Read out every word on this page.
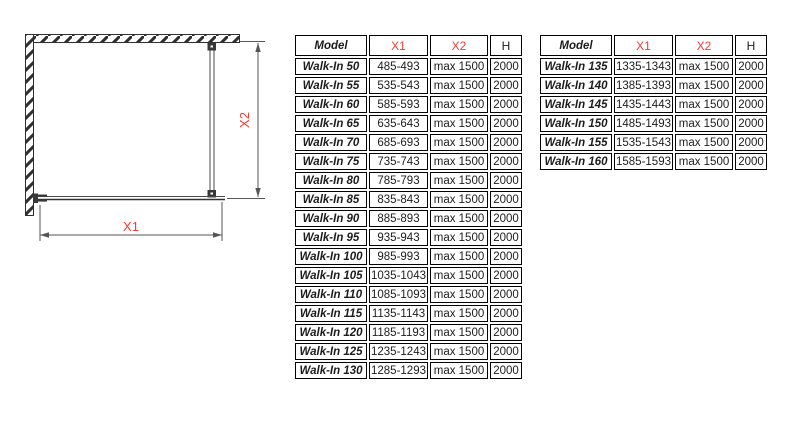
X1
X2
Model	X1	X2	H
Walk-In 50	485-493	max 1500	2000
Walk-In 55	535-543	max 1500	2000
Walk-In 60	585-593	max 1500	2000
Walk-In 65	635-643	max 1500	2000
Walk-In 70	685-693	max 1500	2000
Walk-In 75	735-743	max 1500	2000
Walk-In 80	785-793	max 1500	2000
Walk-In 85	835-843	max 1500	2000
Walk-In 90	885-893	max 1500	2000
Walk-In 95	935-943	max 1500	2000
Walk-In 100	985-993	max 1500	2000
Walk-In 105	1035-1043	max 1500	2000
Walk-In 110	1085-1093	max 1500	2000
Walk-In 115	1135-1143	max 1500	2000
Walk-In 120	1185-1193	max 1500	2000
Walk-In 125	1235-1243	max 1500	2000
Walk-In 130	1285-1293	max 1500	2000
Model	X1	X2	H
Walk-In 135	1335-1343	max 1500	2000
Walk-In 140	1385-1393	max 1500	2000
Walk-In 145	1435-1443	max 1500	2000
Walk-In 150	1485-1493	max 1500	2000
Walk-In 155	1535-1543	max 1500	2000
Walk-In 160	1585-1593	max 1500	2000
